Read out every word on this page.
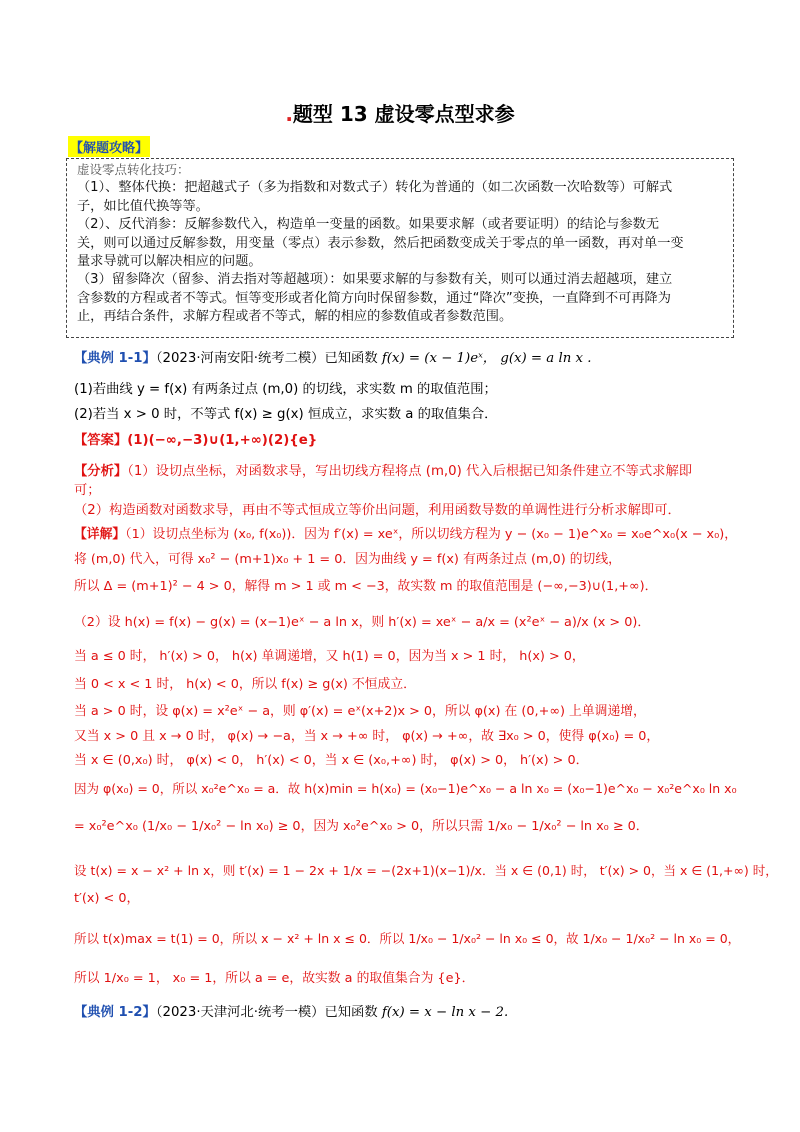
.题型 13 虚设零点型求参
【解题攻略】
虚设零点转化技巧：
（1）、整体代换：把超越式子（多为指数和对数式子）转化为普通的（如二次函数一次哈数等）可解式
子，如比值代换等等。
（2）、反代消参：反解参数代入，构造单一变量的函数。如果要求解（或者要证明）的结论与参数无
关，则可以通过反解参数，用变量（零点）表示参数，然后把函数变成关于零点的单一函数，再对单一变
量求导就可以解决相应的问题。
（3）留参降次（留参、消去指对等超越项）：如果要求解的与参数有关，则可以通过消去超越项，建立
含参数的方程或者不等式。恒等变形或者化简方向时保留参数，通过“降次”变换，一直降到不可再降为
止，再结合条件，求解方程或者不等式，解的相应的参数值或者参数范围。
【典例 1-1】（2023·河南安阳·统考二模）已知函数 f(x) = (x − 1)eˣ， g(x) = a ln x .
(1)若曲线 y = f(x) 有两条过点 (m,0) 的切线，求实数 m 的取值范围；
(2)若当 x > 0 时，不等式 f(x) ≥ g(x) 恒成立，求实数 a 的取值集合．
【答案】(1)(−∞,−3)∪(1,+∞)(2){e}
【分析】（1）设切点坐标，对函数求导，写出切线方程将点 (m,0) 代入后根据已知条件建立不等式求解即
可；
（2）构造函数对函数求导，再由不等式恒成立等价出问题，利用函数导数的单调性进行分析求解即可．
【详解】（1）设切点坐标为 (x₀, f(x₀))．因为 f′(x) = xeˣ，所以切线方程为 y − (x₀ − 1)e^x₀ = x₀e^x₀(x − x₀)，
将 (m,0) 代入，可得 x₀² − (m+1)x₀ + 1 = 0．因为曲线 y = f(x) 有两条过点 (m,0) 的切线，
所以 Δ = (m+1)² − 4 > 0，解得 m > 1 或 m < −3，故实数 m 的取值范围是 (−∞,−3)∪(1,+∞)．
（2）设 h(x) = f(x) − g(x) = (x−1)eˣ − a ln x，则 h′(x) = xeˣ − a/x = (x²eˣ − a)/x (x > 0)．
当 a ≤ 0 时， h′(x) > 0， h(x) 单调递增，又 h(1) = 0，因为当 x > 1 时， h(x) > 0，
当 0 < x < 1 时， h(x) < 0，所以 f(x) ≥ g(x) 不恒成立．
当 a > 0 时，设 φ(x) = x²eˣ − a，则 φ′(x) = eˣ(x+2)x > 0，所以 φ(x) 在 (0,+∞) 上单调递增，
又当 x > 0 且 x → 0 时， φ(x) → −a，当 x → +∞ 时， φ(x) → +∞，故 ∃x₀ > 0，使得 φ(x₀) = 0，
当 x ∈ (0,x₀) 时， φ(x) < 0， h′(x) < 0，当 x ∈ (x₀,+∞) 时， φ(x) > 0， h′(x) > 0．
因为 φ(x₀) = 0，所以 x₀²e^x₀ = a．故 h(x)min = h(x₀) = (x₀−1)e^x₀ − a ln x₀ = (x₀−1)e^x₀ − x₀²e^x₀ ln x₀
= x₀²e^x₀ (1/x₀ − 1/x₀² − ln x₀) ≥ 0，因为 x₀²e^x₀ > 0，所以只需 1/x₀ − 1/x₀² − ln x₀ ≥ 0．
设 t(x) = x − x² + ln x，则 t′(x) = 1 − 2x + 1/x = −(2x+1)(x−1)/x．当 x ∈ (0,1) 时， t′(x) > 0，当 x ∈ (1,+∞) 时，
t′(x) < 0，
所以 t(x)max = t(1) = 0，所以 x − x² + ln x ≤ 0．所以 1/x₀ − 1/x₀² − ln x₀ ≤ 0，故 1/x₀ − 1/x₀² − ln x₀ = 0，
所以 1/x₀ = 1， x₀ = 1，所以 a = e，故实数 a 的取值集合为 {e}．
【典例 1-2】（2023·天津河北·统考一模）已知函数 f(x) = x − ln x − 2.
